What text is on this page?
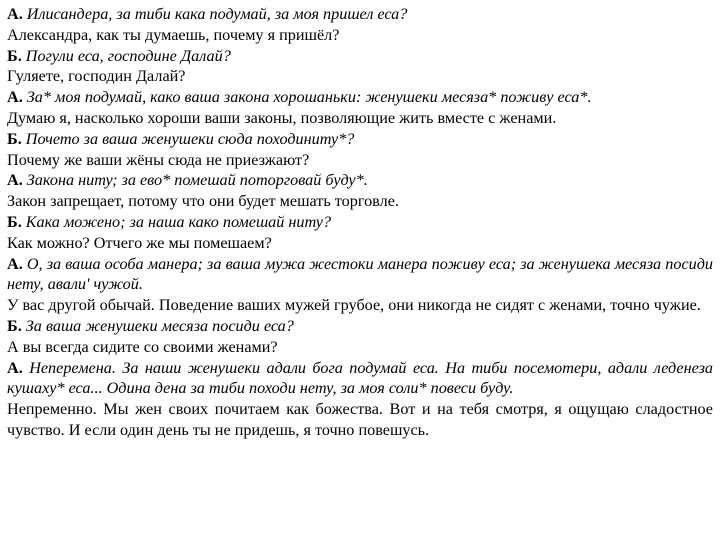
А. Илисандера, за тиби кака подумай, за моя пришел еса?

Александра, как ты думаешь, почему я пришёл?

Б. Погули еса, господине Далай?

Гуляете, господин Далай?

А. За* моя подумай, како ваша закона хорошаньки: женушеки месяза* поживу еса*.

Думаю я, насколько хороши ваши законы, позволяющие жить вместе с женами.

Б. Почето за ваша женушеки сюда походиниту*?

Почему же ваши жёны сюда не приезжают?

А. Закона ниту; за ево* помешай поторговай буду*.

Закон запрещает, потому что они будет мешать торговле.

Б. Кака можено; за наша како помешай ниту?

Как можно? Отчего же мы помешаем?

А. О, за ваша особа манера; за ваша мужа жестоки манера поживу еса; за женушека месяза посиди нету, авали' чужой.

У вас другой обычай. Поведение ваших мужей грубое, они никогда не сидят с женами, точно чужие.

Б. За ваша женушеки месяза посиди еса?

А вы всегда сидите со своими женами?

А. Неперемена. За наши женушеки адали бога подумай еса. На тиби посемотери, адали леденеза кушаху* еса... Одина дена за тиби походи нету, за моя соли* повеси буду.

Непременно. Мы жен своих почитаем как божества. Вот и на тебя смотря, я ощущаю сладостное чувство. И если один день ты не придешь, я точно повешусь.
